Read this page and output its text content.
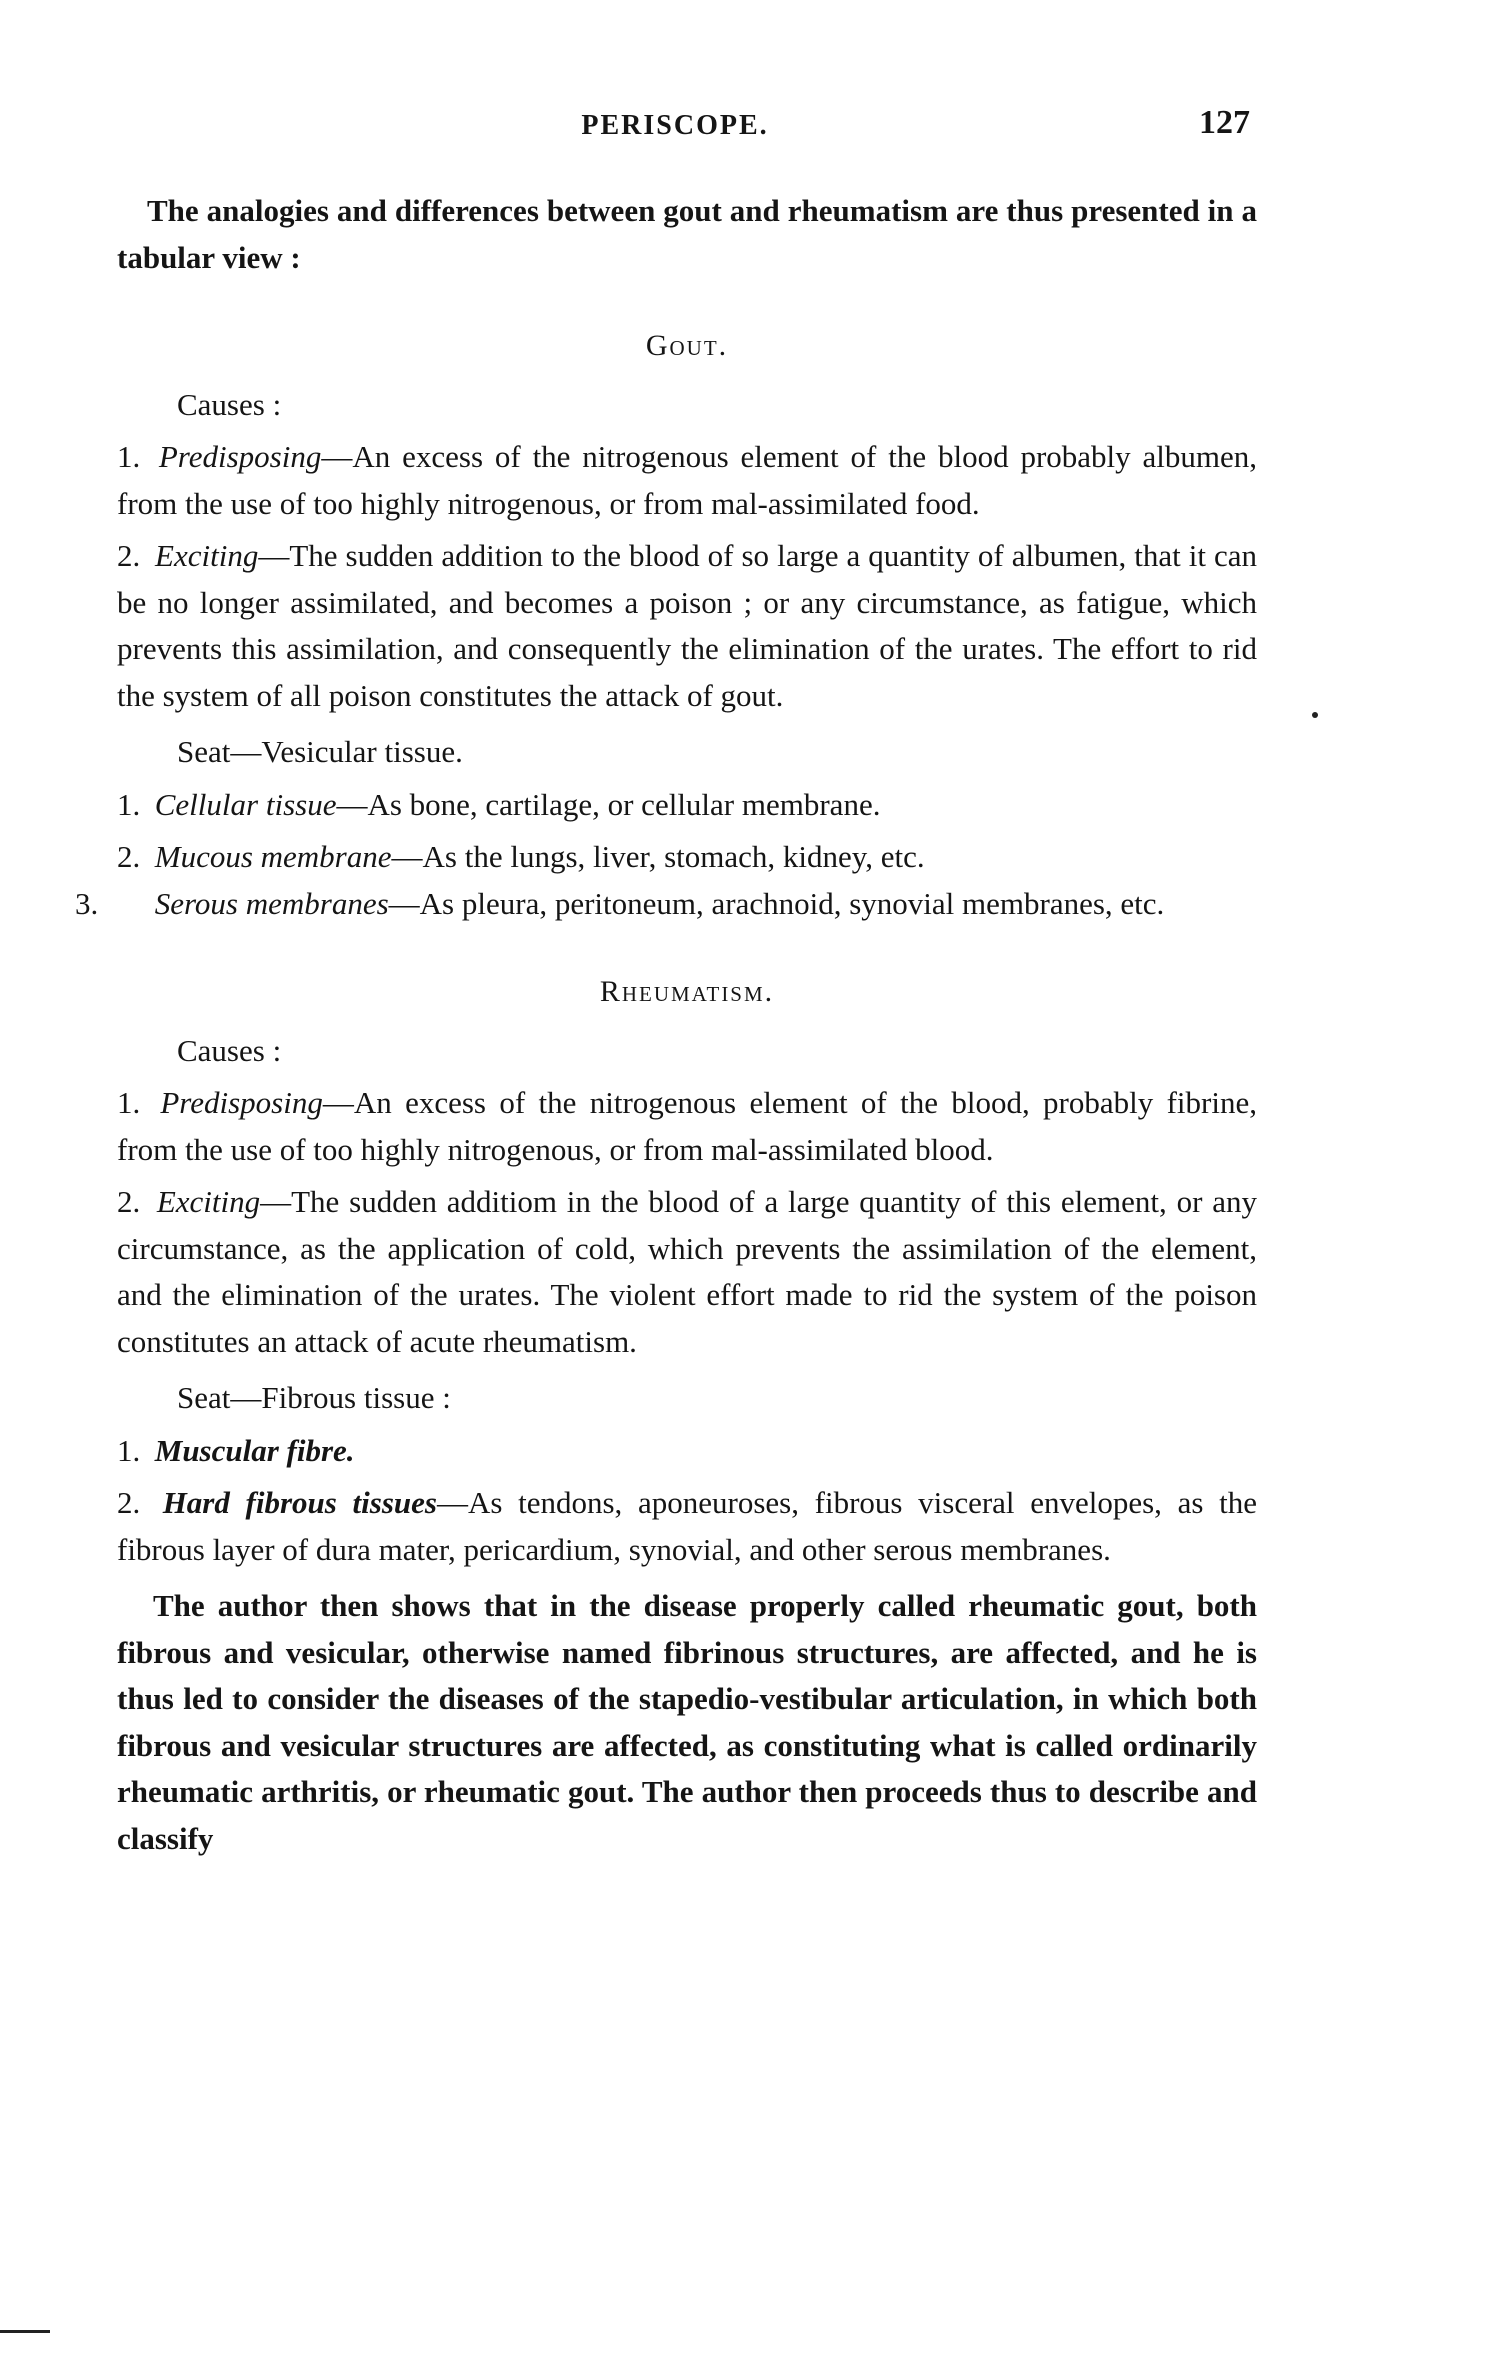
PERISCOPE.	127

The analogies and differences between gout and rheumatism are thus presented in a tabular view :

Gout.
Causes :

1. Predisposing—An excess of the nitrogenous element of the blood probably albumen, from the use of too highly nitrogenous, or from mal-assimilated food.

2. Exciting—The sudden addition to the blood of so large a quantity of albumen, that it can be no longer assimilated, and becomes a poison ; or any circumstance, as fatigue, which prevents this assimilation, and consequently the elimination of the urates. The effort to rid the system of all poison constitutes the attack of gout.

Seat—Vesicular tissue.

1. Cellular tissue—As bone, cartilage, or cellular membrane.

2. Mucous membrane—As the lungs, liver, stomach, kidney, etc.

3. Serous membranes—As pleura, peritoneum, arachnoid, synovial membranes, etc.

Rheumatism.
Causes :

1. Predisposing—An excess of the nitrogenous element of the blood, probably fibrine, from the use of too highly nitrogenous, or from mal-assimilated blood.

2. Exciting—The sudden additiom in the blood of a large quantity of this element, or any circumstance, as the application of cold, which prevents the assimilation of the element, and the elimination of the urates. The violent effort made to rid the system of the poison constitutes an attack of acute rheumatism.

Seat—Fibrous tissue :

1. Muscular fibre.

2. Hard fibrous tissues—As tendons, aponeuroses, fibrous visceral envelopes, as the fibrous layer of dura mater, pericardium, synovial, and other serous membranes.

The author then shows that in the disease properly called rheumatic gout, both fibrous and vesicular, otherwise named fibrinous structures, are affected, and he is thus led to consider the diseases of the stapedio-vestibular articulation, in which both fibrous and vesicular structures are affected, as constituting what is called ordinarily rheumatic arthritis, or rheumatic gout. The author then proceeds thus to describe and classify
